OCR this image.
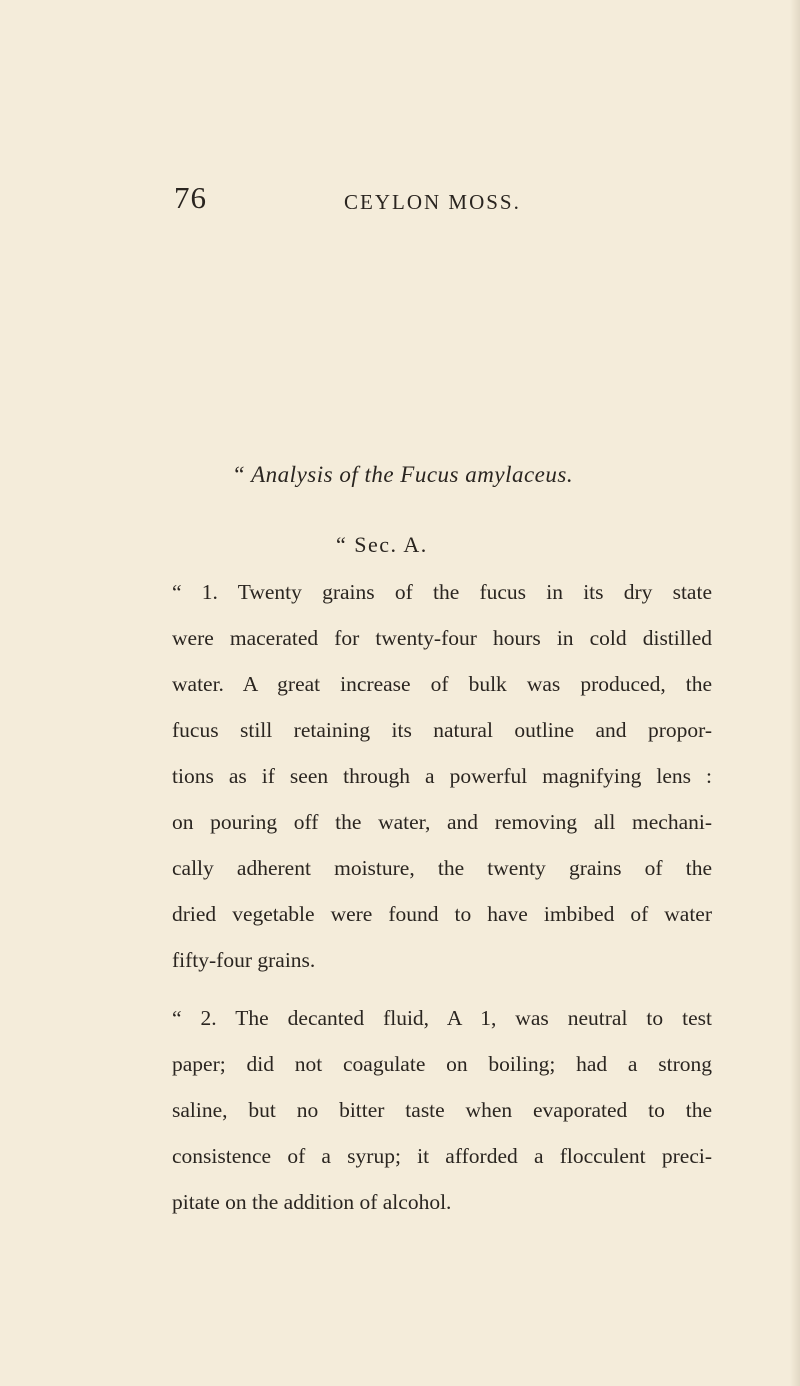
76	CEYLON MOSS.
“ Analysis of the Fucus amylaceus.
“ Sec. A.
“ 1. Twenty grains of the fucus in its dry state
were macerated for twenty-four hours in cold distilled
water. A great increase of bulk was produced, the
fucus still retaining its natural outline and propor-
tions as if seen through a powerful magnifying lens :
on pouring off the water, and removing all mechani-
cally adherent moisture, the twenty grains of the
dried vegetable were found to have imbibed of water
fifty-four grains.
“ 2. The decanted fluid, A 1, was neutral to test
paper; did not coagulate on boiling; had a strong
saline, but no bitter taste when evaporated to the
consistence of a syrup; it afforded a flocculent preci-
pitate on the addition of alcohol.
